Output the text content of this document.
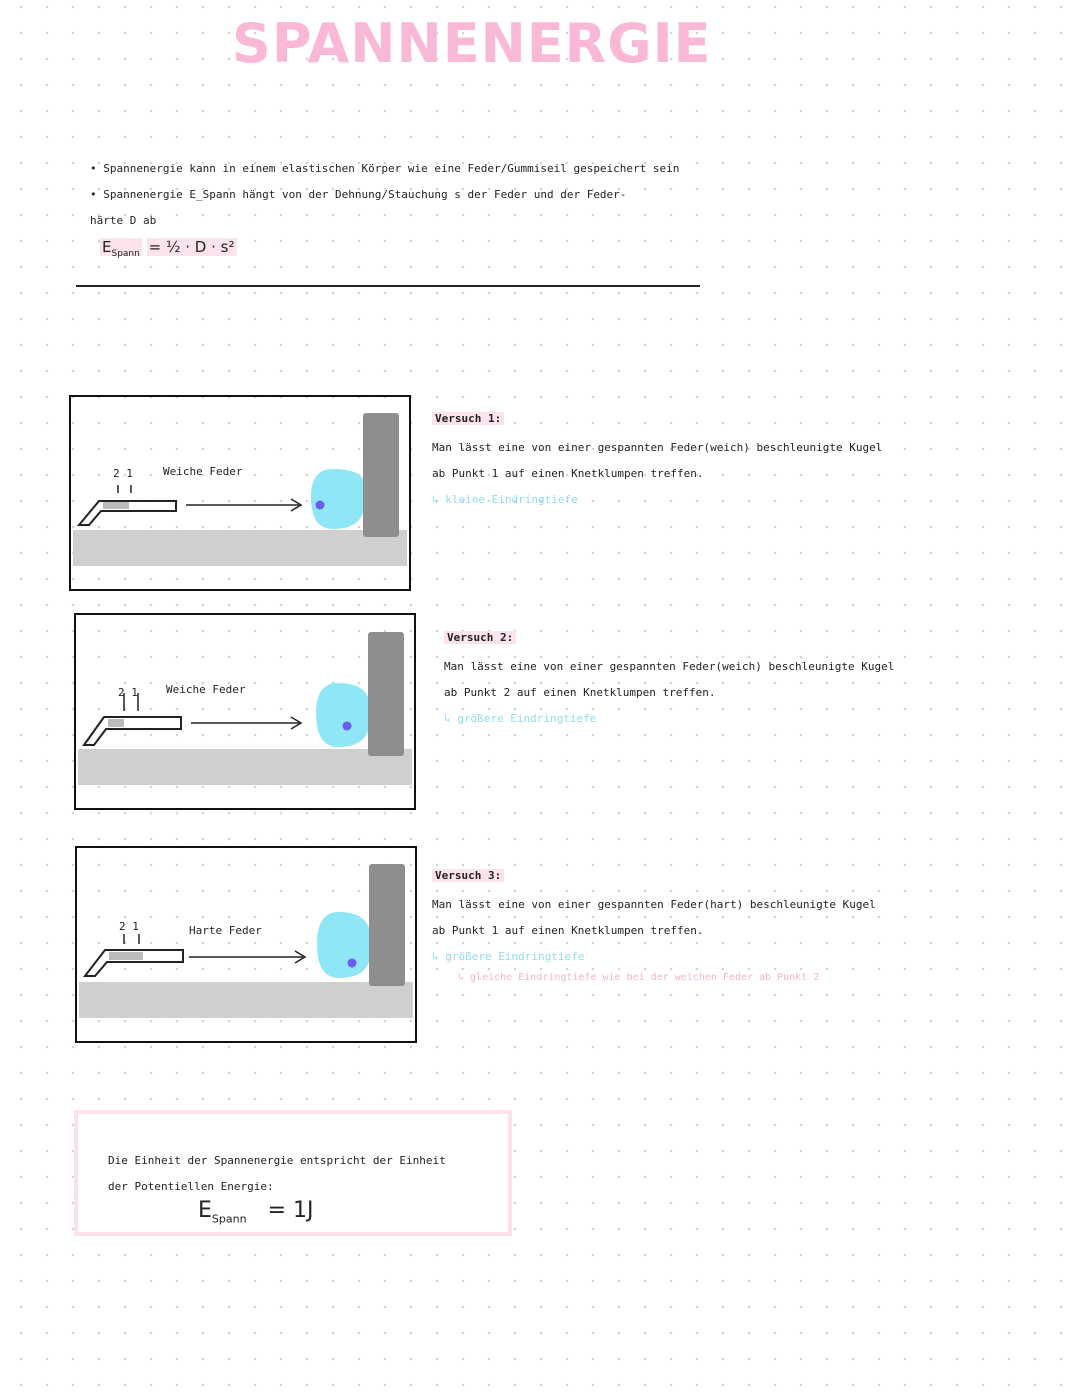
SPANNENERGIE
• Spannenergie kann in einem elastischen Körper wie eine Feder/Gummiseil gespeichert sein
• Spannenergie E_Spann hängt von der Dehnung/Stauchung s der Feder und der Feder-
härte D ab
$E_{Spann}$ = ½ · D · s²
2 1	Weiche Feder
Versuch 1:
Man lässt eine von einer gespannten Feder(weich) beschleunigte Kugel
ab Punkt 1 auf einen Knetklumpen treffen.
↳ kleine Eindringtiefe
2 1	Weiche Feder
Versuch 2:
Man lässt eine von einer gespannten Feder(weich) beschleunigte Kugel
ab Punkt 2 auf einen Knetklumpen treffen.
↳ größere Eindringtiefe
2 1	Harte Feder
Versuch 3:
Man lässt eine von einer gespannten Feder(hart) beschleunigte Kugel
ab Punkt 1 auf einen Knetklumpen treffen.
↳ größere Eindringtiefe
↳ gleiche Eindringtiefe wie bei der weichen Feder ab Punkt 2
Die Einheit der Spannenergie entspricht der Einheit
der Potentiellen Energie:
$E_{Spann} = 1J$
